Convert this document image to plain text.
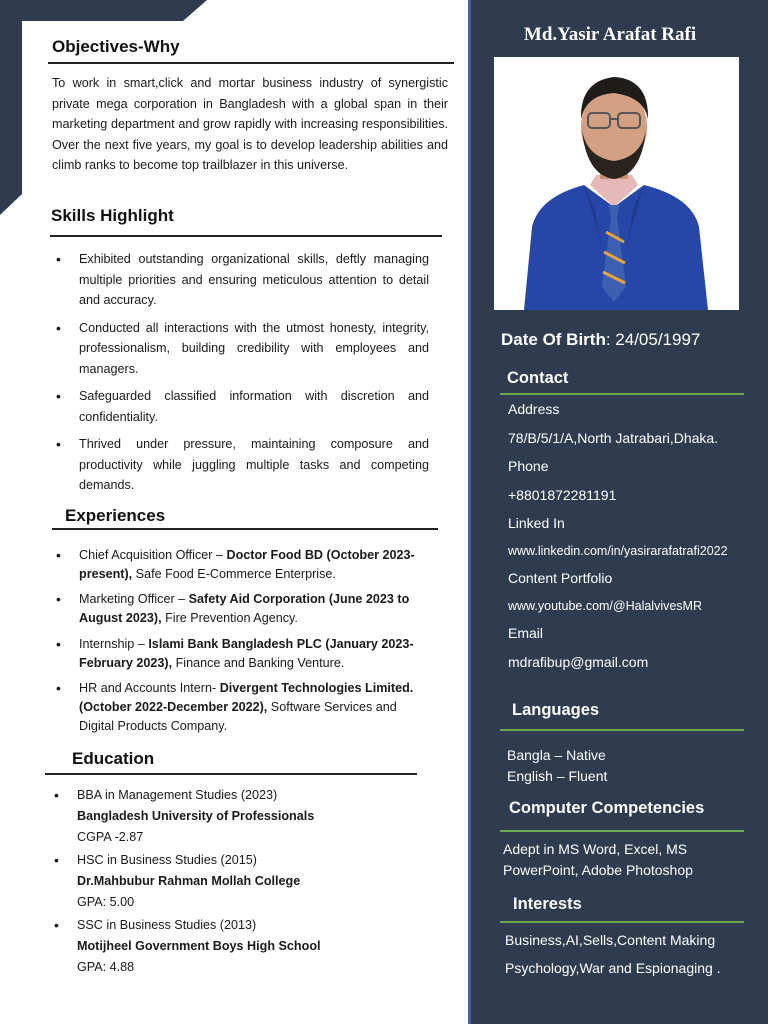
Objectives-Why
To work in smart,click and mortar business industry of synergistic private mega corporation in Bangladesh with a global span in their marketing department and grow rapidly with increasing responsibilities. Over the next five years, my goal is to develop leadership abilities and climb ranks to become top trailblazer in this universe.
Skills Highlight
• Exhibited outstanding organizational skills, deftly managing multiple priorities and ensuring meticulous attention to detail and accuracy.
• Conducted all interactions with the utmost honesty, integrity, professionalism, building credibility with employees and managers.
• Safeguarded classified information with discretion and confidentiality.
• Thrived under pressure, maintaining composure and productivity while juggling multiple tasks and competing demands.
Experiences
• Chief Acquisition Officer – Doctor Food BD (October 2023-present), Safe Food E-Commerce Enterprise.
• Marketing Officer – Safety Aid Corporation (June 2023 to August 2023), Fire Prevention Agency.
• Internship – Islami Bank Bangladesh PLC (January 2023-February 2023), Finance and Banking Venture.
• HR and Accounts Intern- Divergent Technologies Limited. (October 2022-December 2022), Software Services and Digital Products Company.
Education
• BBA in Management Studies (2023)
Bangladesh University of Professionals
CGPA -2.87
• HSC in Business Studies (2015)
Dr.Mahbubur Rahman Mollah College
GPA: 5.00
• SSC in Business Studies (2013)
Motijheel Government Boys High School
GPA: 4.88
Md.Yasir Arafat Rafi
Date Of Birth: 24/05/1997
Contact
Address
78/B/5/1/A,North Jatrabari,Dhaka.
Phone
+8801872281191
Linked In
www.linkedin.com/in/yasirarafatrafi2022
Content Portfolio
www.youtube.com/@HalalvivesMR
Email
mdrafibup@gmail.com
Languages
Bangla – Native
English – Fluent
Computer Competencies
Adept in MS Word, Excel, MS PowerPoint, Adobe Photoshop
Interests
Business,AI,Sells,Content Making
Psychology,War and Espionaging .
